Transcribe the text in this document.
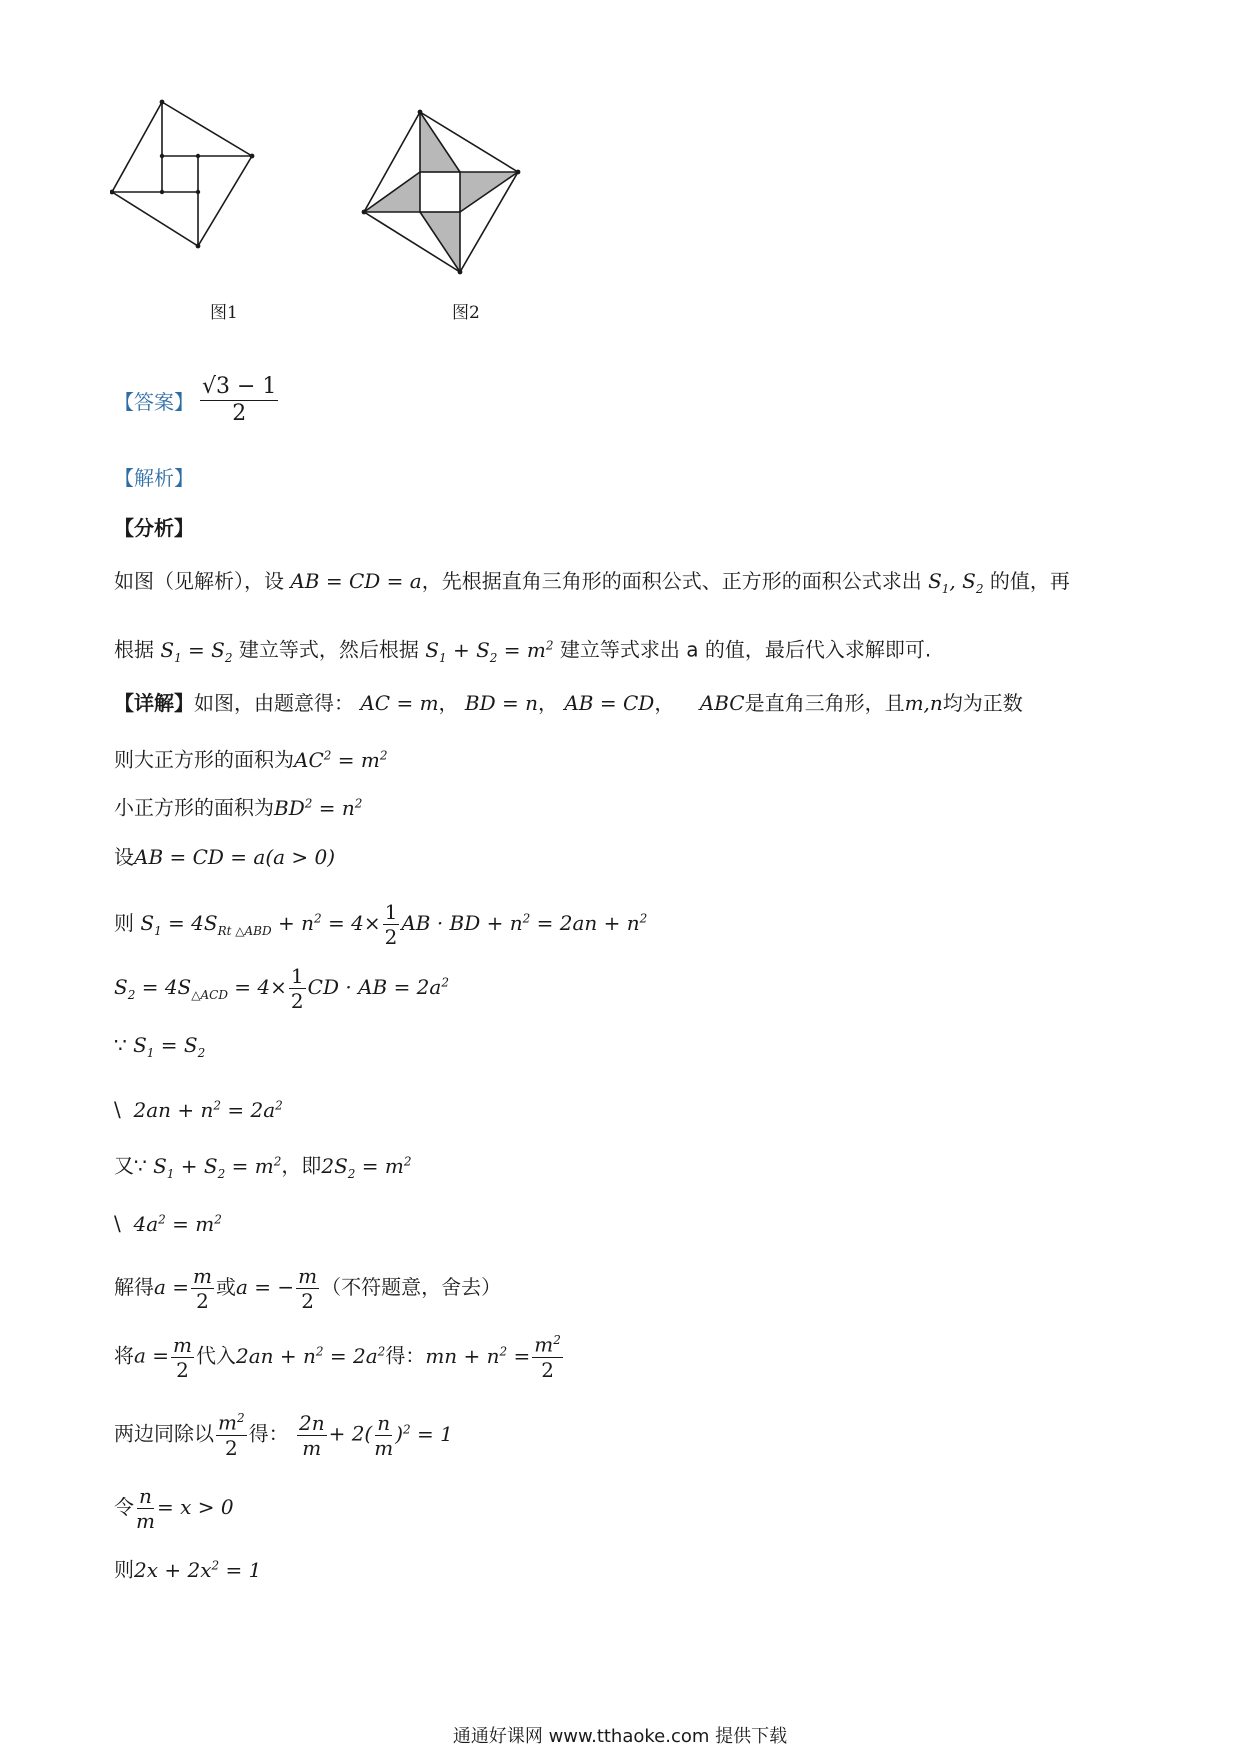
图1	图2
【答案】 $\frac{√3 - 1}{2}$
【解析】
【分析】
如图（见解析），设 AB = CD = a，先根据直角三角形的面积公式、正方形的面积公式求出 $S_1$, $S_2$ 的值，再
根据 $S_1 = S_2$ 建立等式，然后根据 $S_1 + S_2 = m^2$ 建立等式求出 a 的值，最后代入求解即可.
【详解】如图，由题意得： AC = m， BD = n， AB = CD， ABC是直角三角形，且m,n均为正数
则大正方形的面积为$AC^2 = m^2$
小正方形的面积为$BD^2 = n^2$
设AB = CD = a(a > 0)
则 $S_1 = 4S_{Rt \triangle ABD} + n^2 = 4\times \frac{1}{2}$ AB · BD + $n^2 = 2an + n^2$
$S_2 = 4S_{\triangle ACD} = 4\times \frac{1}{2}$ CD · AB = $2a^2$
∵ $S_1 = S_2$
\ $2an + n^2 = 2a^2$
又∵ $S_1 + S_2 = m^2$，即$2S_2 = m^2$
\ $4a^2 = m^2$
解得$a = \frac{m}{2}$ 或a = − $\frac{m}{2}$ （不符题意，舍去）
将$a = \frac{m}{2}$ 代入$2an + n^2 = 2a^2$得：mn + $n^2 = \frac{m^2}{2}$
两边同除以 $\frac{m^2}{2}$ 得： $\frac{2n}{m} + 2( \frac{n}{m} )^2 = 1$
令 $\frac{n}{m} = x > 0$
则$2x + 2x^2 = 1$
通通好课网 www.tthaoke.com 提供下载
